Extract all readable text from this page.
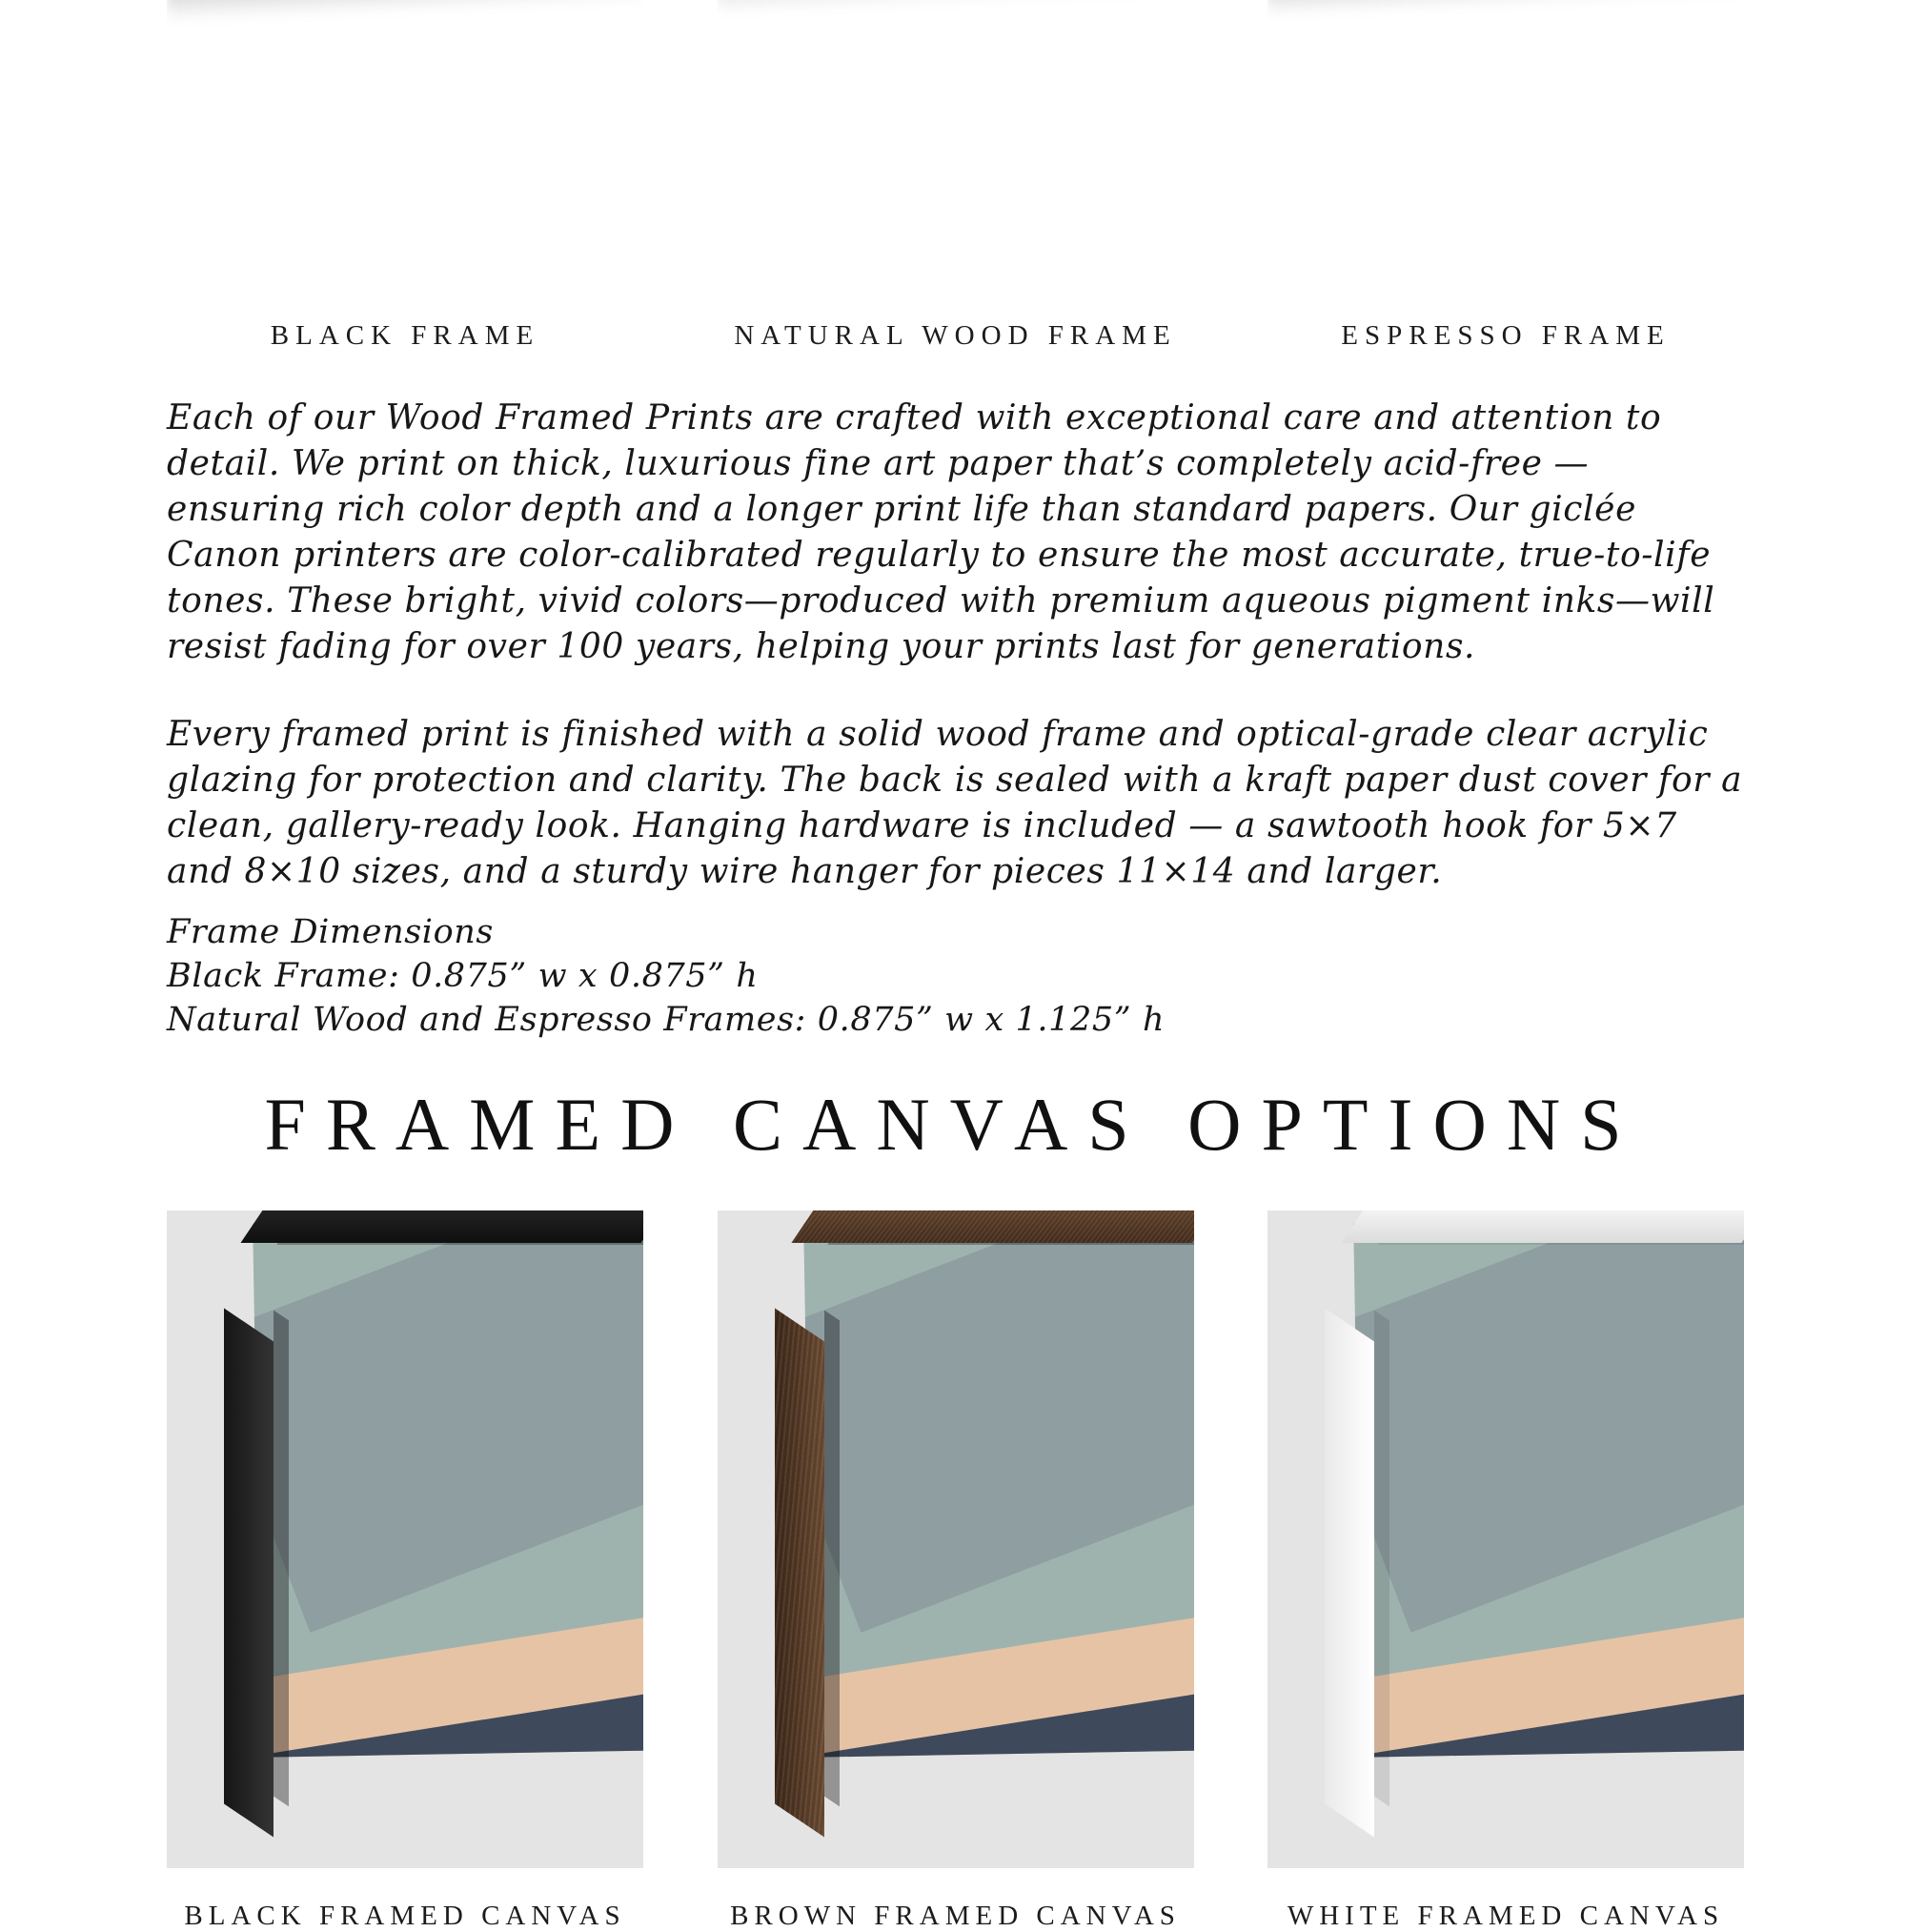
BLACK FRAME	NATURAL WOOD FRAME	ESPRESSO FRAME

Each of our Wood Framed Prints are crafted with exceptional care and attention to detail. We print on thick, luxurious fine art paper that’s completely acid-free — ensuring rich color depth and a longer print life than standard papers. Our giclée Canon printers are color-calibrated regularly to ensure the most accurate, true-to-life tones. These bright, vivid colors—produced with premium aqueous pigment inks—will resist fading for over 100 years, helping your prints last for generations.

Every framed print is finished with a solid wood frame and optical-grade clear acrylic glazing for protection and clarity. The back is sealed with a kraft paper dust cover for a clean, gallery-ready look. Hanging hardware is included — a sawtooth hook for 5×7 and 8×10 sizes, and a sturdy wire hanger for pieces 11×14 and larger.

Frame Dimensions
Black Frame: 0.875” w x 0.875” h
Natural Wood and Espresso Frames: 0.875” w x 1.125” h
FRAMED CANVAS OPTIONS
BLACK FRAMED CANVAS	BROWN FRAMED CANVAS	WHITE FRAMED CANVAS
